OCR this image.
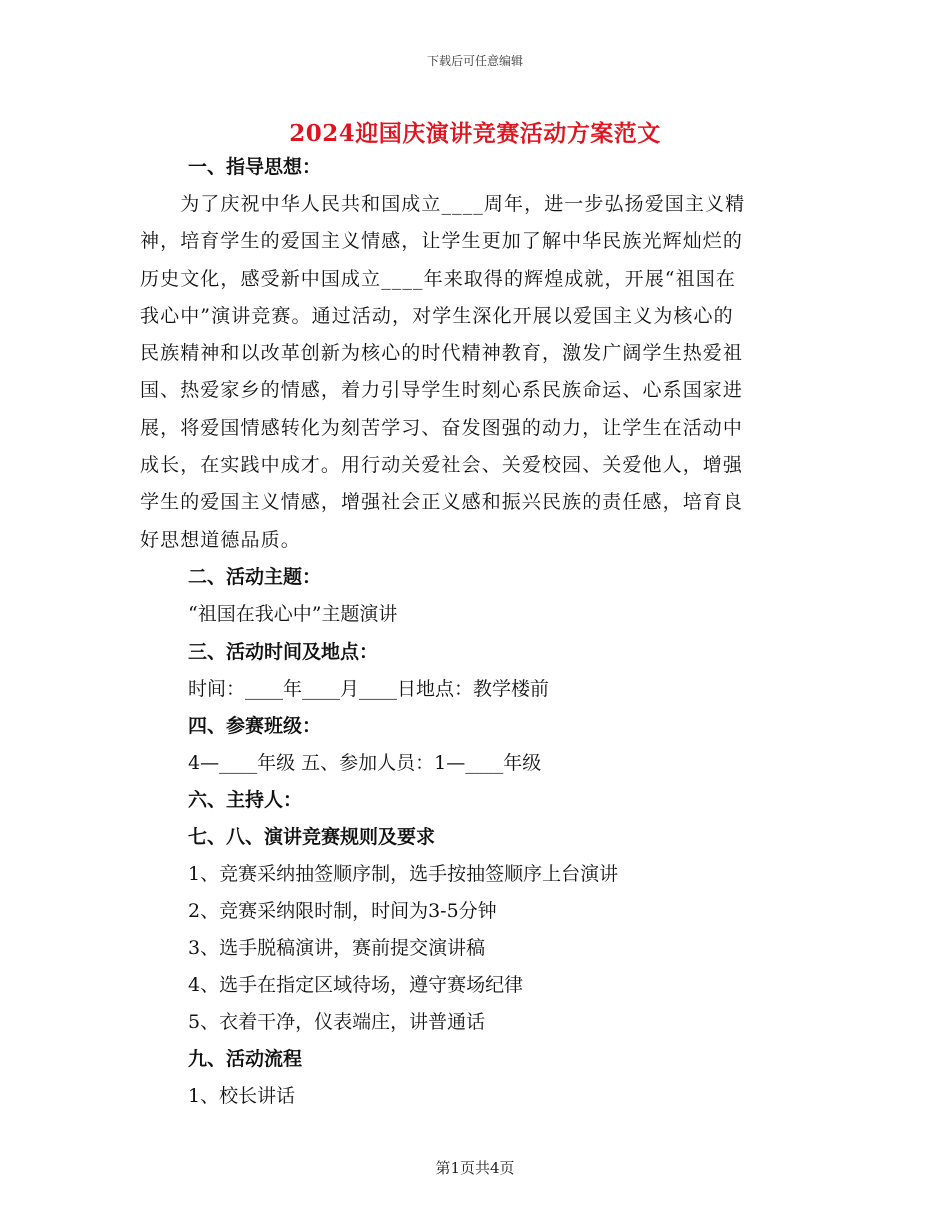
下载后可任意编辑
2024迎国庆演讲竞赛活动方案范文
一、指导思想：
　　为了庆祝中华人民共和国成立____周年，进一步弘扬爱国主义精
神，培育学生的爱国主义情感，让学生更加了解中华民族光辉灿烂的
历史文化，感受新中国成立____年来取得的辉煌成就，开展“祖国在
我心中”演讲竞赛。通过活动，对学生深化开展以爱国主义为核心的
民族精神和以改革创新为核心的时代精神教育，激发广阔学生热爱祖
国、热爱家乡的情感，着力引导学生时刻心系民族命运、心系国家进
展，将爱国情感转化为刻苦学习、奋发图强的动力，让学生在活动中
成长，在实践中成才。用行动关爱社会、关爱校园、关爱他人，增强
学生的爱国主义情感，增强社会正义感和振兴民族的责任感，培育良
好思想道德品质。
二、活动主题：
“祖国在我心中”主题演讲
三、活动时间及地点：
时间：____年____月____日地点：教学楼前
四、参赛班级：
4—____年级 五、参加人员：1—____年级
六、主持人：
七、八、演讲竞赛规则及要求
1、竞赛采纳抽签顺序制，选手按抽签顺序上台演讲
2、竞赛采纳限时制，时间为3-5分钟
3、选手脱稿演讲，赛前提交演讲稿
4、选手在指定区域待场，遵守赛场纪律
5、衣着干净，仪表端庄，讲普通话
九、活动流程
1、校长讲话
第1页共4页
